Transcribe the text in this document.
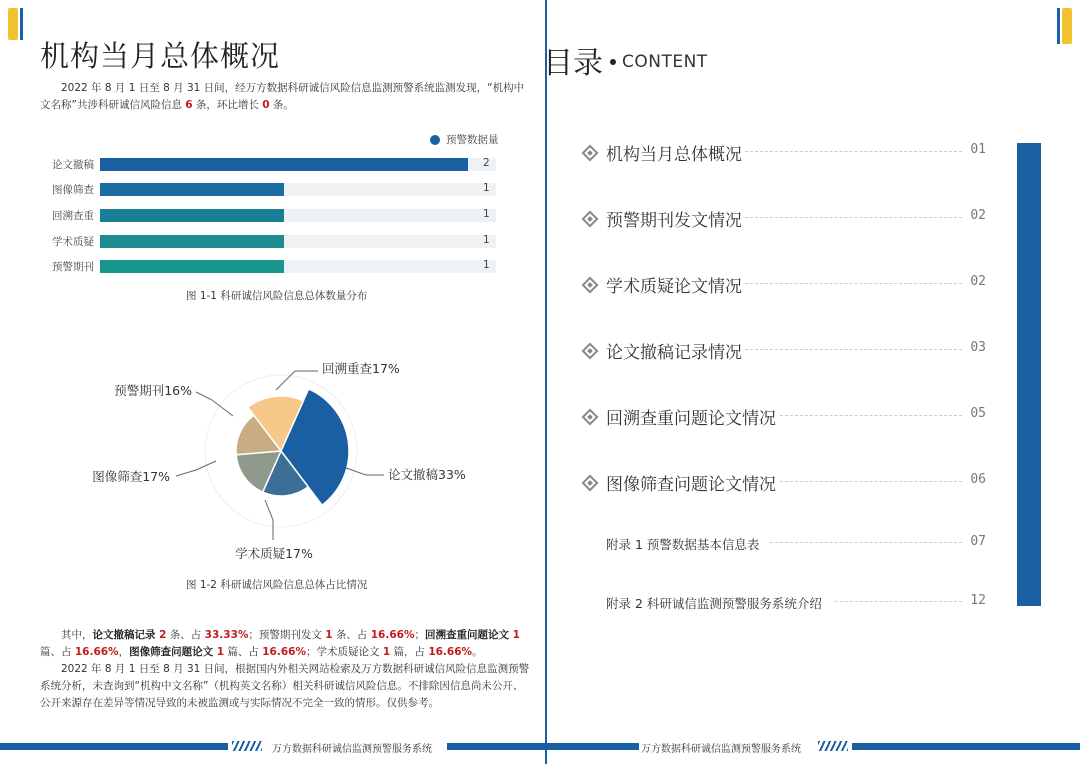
机构当月总体概况
2022 年 8 月 1 日至 8 月 31 日间，经万方数据科研诚信风险信息监测预警系统监测发现，“机构中文名称”共涉科研诚信风险信息 6 条，环比增长 0 条。
预警数据量
论文撤稿	2
图像筛查	1
回溯查重	1
学术质疑	1
预警期刊	1
图 1-1 科研诚信风险信息总体数量分布
论文撤稿33%
学术质疑17%
图像筛查17%
预警期刊16%
回溯重查17%
图 1-2 科研诚信风险信息总体占比情况

其中，论文撤稿记录 2 条、占 33.33%；预警期刊发文 1 条、占 16.66%；回溯查重问题论文 1 篇、占 16.66%，图像筛查问题论文 1 篇、占 16.66%；学术质疑论文 1 篇，占 16.66%。

2022 年 8 月 1 日至 8 月 31 日间，根据国内外相关网站检索及万方数据科研诚信风险信息监测预警系统分析，未查询到“机构中文名称”（机构英文名称）相关科研诚信风险信息。不排除因信息尚未公开、公开来源存在差异等情况导致的未被监测或与实际情况不完全一致的情形。仅供参考。

万方数据科研诚信监测预警服务系统
目录 CONTENT
机构当月总体概况	01
预警期刊发文情况	02
学术质疑论文情况	02
论文撤稿记录情况	03
回溯查重问题论文情况	05
图像筛查问题论文情况	06
附录 1 预警数据基本信息表	07
附录 2 科研诚信监测预警服务系统介绍	12
万方数据科研诚信监测预警服务系统
